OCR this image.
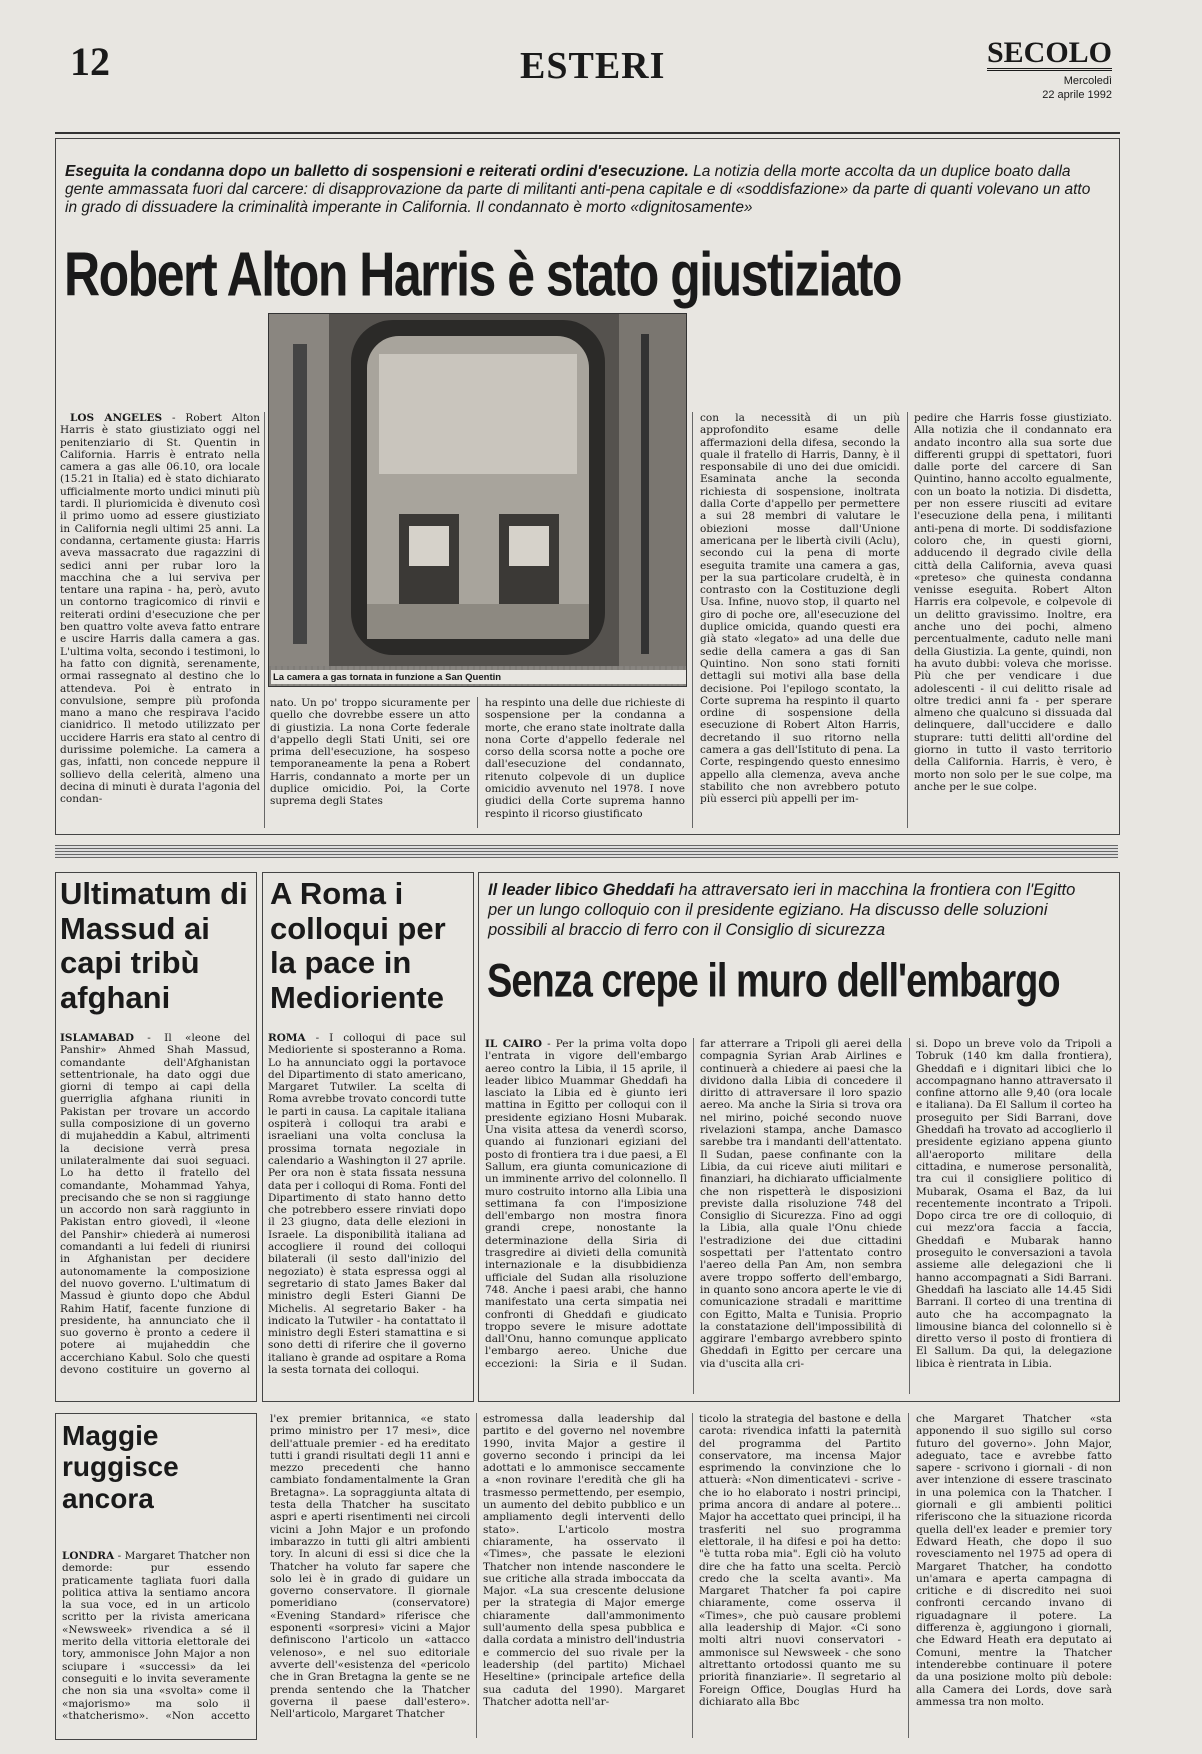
12	ESTERI	SECOLO
Mercoledì
22 aprile 1992
Eseguita la condanna dopo un balletto di sospensioni e reiterati ordini d'esecuzione. La notizia della morte accolta da un duplice boato dalla gente ammassata fuori dal carcere: di disapprovazione da parte di militanti anti-pena capitale e di «soddisfazione» da parte di quanti volevano un atto in grado di dissuadere la criminalità imperante in California. Il condannato è morto «dignitosamente»
Robert Alton Harris è stato giustiziato
La camera a gas tornata in funzione a San Quentin

LOS ANGELES - Robert Alton Harris è stato giustiziato oggi nel penitenziario di St. Quentin in California. Harris è entrato nella camera a gas alle 06.10, ora locale (15.21 in Italia) ed è stato dichiarato ufficialmente morto undici minuti più tardi. Il pluriomicida è divenuto così il primo uomo ad essere giustiziato in California negli ultimi 25 anni. La condanna, certamente giusta: Harris aveva massacrato due ragazzini di sedici anni per rubar loro la macchina che a lui serviva per tentare una rapina - ha, però, avuto un contorno tragicomico di rinvii e reiterati ordini d'esecuzione che per ben quattro volte aveva fatto entrare e uscire Harris dalla camera a gas. L'ultima volta, secondo i testimoni, lo ha fatto con dignità, serenamente, ormai rassegnato al destino che lo attendeva. Poi è entrato in convulsione, sempre più profonda mano a mano che respirava l'acido cianidrico. Il metodo utilizzato per uccidere Harris era stato al centro di durissime polemiche. La camera a gas, infatti, non concede neppure il sollievo della celerità, almeno una decina di minuti è durata l'agonia del condan-

nato. Un po' troppo sicuramente per quello che dovrebbe essere un atto di giustizia. La nona Corte federale d'appello degli Stati Uniti, sei ore prima dell'esecuzione, ha sospeso temporaneamente la pena a Robert Harris, condannato a morte per un duplice omicidio. Poi, la Corte suprema degli States

ha respinto una delle due richieste di sospensione per la condanna a morte, che erano state inoltrate dalla nona Corte d'appello federale nel corso della scorsa notte a poche ore dall'esecuzione del condannato, ritenuto colpevole di un duplice omicidio avvenuto nel 1978. I nove giudici della Corte suprema hanno respinto il ricorso giustificato

con la necessità di un più approfondito esame delle affermazioni della difesa, secondo la quale il fratello di Harris, Danny, è il responsabile di uno dei due omicidi. Esaminata anche la seconda richiesta di sospensione, inoltrata dalla Corte d'appello per permettere a sui 28 membri di valutare le obiezioni mosse dall'Unione americana per le libertà civili (Aclu), secondo cui la pena di morte eseguita tramite una camera a gas, per la sua particolare crudeltà, è in contrasto con la Costituzione degli Usa. Infine, nuovo stop, il quarto nel giro di poche ore, all'esecuzione del duplice omicida, quando questi era già stato «legato» ad una delle due sedie della camera a gas di San Quintino. Non sono stati forniti dettagli sui motivi alla base della decisione. Poi l'epilogo scontato, la Corte suprema ha respinto il quarto ordine di sospensione della esecuzione di Robert Alton Harris, decretando il suo ritorno nella camera a gas dell'Istituto di pena. La Corte, respingendo questo ennesimo appello alla clemenza, aveva anche stabilito che non avrebbero potuto più esserci più appelli per im-

pedire che Harris fosse giustiziato. Alla notizia che il condannato era andato incontro alla sua sorte due differenti gruppi di spettatori, fuori dalle porte del carcere di San Quintino, hanno accolto egualmente, con un boato la notizia. Di disdetta, per non essere riusciti ad evitare l'esecuzione della pena, i militanti anti-pena di morte. Di soddisfazione coloro che, in questi giorni, adducendo il degrado civile della città della California, aveva quasi «preteso» che quinesta condanna venisse eseguita. Robert Alton Harris era colpevole, e colpevole di un delitto gravissimo. Inoltre, era anche uno dei pochi, almeno percentualmente, caduto nelle mani della Giustizia. La gente, quindi, non ha avuto dubbi: voleva che morisse. Più che per vendicare i due adolescenti - il cui delitto risale ad oltre tredici anni fa - per sperare almeno che qualcuno si dissuada dal delinquere, dall'uccidere e dallo stuprare: tutti delitti all'ordine del giorno in tutto il vasto territorio della California. Harris, è vero, è morto non solo per le sue colpe, ma anche per le sue colpe.

Ultimatum di Massud ai capi tribù afghani

ISLAMABAD - Il «leone del Panshir» Ahmed Shah Massud, comandante dell'Afghanistan settentrionale, ha dato oggi due giorni di tempo ai capi della guerriglia afghana riuniti in Pakistan per trovare un accordo sulla composizione di un governo di mujaheddin a Kabul, altrimenti la decisione verrà presa unilateralmente dai suoi seguaci. Lo ha detto il fratello del comandante, Mohammad Yahya, precisando che se non si raggiunge un accordo non sarà raggiunto in Pakistan entro giovedì, il «leone del Panshir» chiederà ai numerosi comandanti a lui fedeli di riunirsi in Afghanistan per decidere autonomamente la composizione del nuovo governo. L'ultimatum di Massud è giunto dopo che Abdul Rahim Hatif, facente funzione di presidente, ha annunciato che il suo governo è pronto a cedere il potere ai mujaheddin che accerchiano Kabul. Solo che questi devono costituire un governo al

A Roma i colloqui per la pace in Medioriente

ROMA - I colloqui di pace sul Medioriente si sposteranno a Roma. Lo ha annunciato oggi la portavoce del Dipartimento di stato americano, Margaret Tutwiler. La scelta di Roma avrebbe trovato concordi tutte le parti in causa. La capitale italiana ospiterà i colloqui tra arabi e israeliani una volta conclusa la prossima tornata negoziale in calendario a Washington il 27 aprile. Per ora non è stata fissata nessuna data per i colloqui di Roma. Fonti del Dipartimento di stato hanno detto che potrebbero essere rinviati dopo il 23 giugno, data delle elezioni in Israele. La disponibilità italiana ad accogliere il round dei colloqui bilaterali (il sesto dall'inizio del negoziato) è stata espressa oggi al segretario di stato James Baker dal ministro degli Esteri Gianni De Michelis. Al segretario Baker - ha indicato la Tutwiler - ha contattato il ministro degli Esteri stamattina e si sono detti di riferire che il governo italiano è grande ad ospitare a Roma la sesta tornata dei colloqui.

Il leader libico Gheddafi ha attraversato ieri in macchina la frontiera con l'Egitto per un lungo colloquio con il presidente egiziano. Ha discusso delle soluzioni possibili al braccio di ferro con il Consiglio di sicurezza
Senza crepe il muro dell'embargo

IL CAIRO - Per la prima volta dopo l'entrata in vigore dell'embargo aereo contro la Libia, il 15 aprile, il leader libico Muammar Gheddafi ha lasciato la Libia ed è giunto ieri mattina in Egitto per colloqui con il presidente egiziano Hosni Mubarak. Una visita attesa da venerdì scorso, quando ai funzionari egiziani del posto di frontiera tra i due paesi, a El Sallum, era giunta comunicazione di un imminente arrivo del colonnello. Il muro costruito intorno alla Libia una settimana fa con l'imposizione dell'embargo non mostra finora grandi crepe, nonostante la determinazione della Siria di trasgredire ai divieti della comunità internazionale e la disubbidienza ufficiale del Sudan alla risoluzione 748. Anche i paesi arabi, che hanno manifestato una certa simpatia nei confronti di Gheddafi e giudicato troppo severe le misure adottate dall'Onu, hanno comunque applicato l'embargo aereo. Uniche due eccezioni: la Siria e il Sudan.

far atterrare a Tripoli gli aerei della compagnia Syrian Arab Airlines e continuerà a chiedere ai paesi che la dividono dalla Libia di concedere il diritto di attraversare il loro spazio aereo. Ma anche la Siria si trova ora nel mirino, poiché secondo nuove rivelazioni stampa, anche Damasco sarebbe tra i mandanti dell'attentato. Il Sudan, paese confinante con la Libia, da cui riceve aiuti militari e finanziari, ha dichiarato ufficialmente che non rispetterà le disposizioni previste dalla risoluzione 748 del Consiglio di Sicurezza. Fino ad oggi la Libia, alla quale l'Onu chiede l'estradizione dei due cittadini sospettati per l'attentato contro l'aereo della Pan Am, non sembra avere troppo sofferto dell'embargo, in quanto sono ancora aperte le vie di comunicazione stradali e marittime con Egitto, Malta e Tunisia. Proprio la constatazione dell'impossibilità di aggirare l'embargo avrebbero spinto Gheddafi in Egitto per cercare una via d'uscita alla cri-

si. Dopo un breve volo da Tripoli a Tobruk (140 km dalla frontiera), Gheddafi e i dignitari libici che lo accompagnano hanno attraversato il confine attorno alle 9,40 (ora locale e italiana). Da El Sallum il corteo ha proseguito per Sidi Barrani, dove Gheddafi ha trovato ad accoglierlo il presidente egiziano appena giunto all'aeroporto militare della cittadina, e numerose personalità, tra cui il consigliere politico di Mubarak, Osama el Baz, da lui recentemente incontrato a Tripoli. Dopo circa tre ore di colloquio, di cui mezz'ora faccia a faccia, Gheddafi e Mubarak hanno proseguito le conversazioni a tavola assieme alle delegazioni che li hanno accompagnati a Sidi Barrani. Gheddafi ha lasciato alle 14.45 Sidi Barrani. Il corteo di una trentina di auto che ha accompagnato la limousine bianca del colonnello si è diretto verso il posto di frontiera di El Sallum. Da qui, la delegazione libica è rientrata in Libia.

Maggie ruggisce ancora

LONDRA - Margaret Thatcher non demorde: pur essendo praticamente tagliata fuori dalla politica attiva la sentiamo ancora la sua voce, ed in un articolo scritto per la rivista americana «Newsweek» rivendica a sé il merito della vittoria elettorale dei tory, ammonisce John Major a non sciupare i «successi» da lei conseguiti e lo invita severamente che non sia una «svolta» come il «majorismo» ma solo il «thatcherismo». «Non accetto

l'ex premier britannica, «e stato primo ministro per 17 mesi», dice dell'attuale premier - ed ha ereditato tutti i grandi risultati degli 11 anni e mezzo precedenti che hanno cambiato fondamentalmente la Gran Bretagna». La sopraggiunta altata di testa della Thatcher ha suscitato aspri e aperti risentimenti nei circoli vicini a John Major e un profondo imbarazzo in tutti gli altri ambienti tory. In alcuni di essi si dice che la Thatcher ha voluto far sapere che solo lei è in grado di guidare un governo conservatore. Il giornale pomeridiano (conservatore) «Evening Standard» riferisce che esponenti «sorpresi» vicini a Major definiscono l'articolo un «attacco velenoso», e nel suo editoriale avverte dell'«esistenza del «pericolo che in Gran Bretagna la gente se ne prenda sentendo che la Thatcher governa il paese dall'estero». Nell'articolo, Margaret Thatcher

estromessa dalla leadership dal partito e del governo nel novembre 1990, invita Major a gestire il governo secondo i principi da lei adottati e lo ammonisce seccamente a «non rovinare l'eredità che gli ha trasmesso permettendo, per esempio, un aumento del debito pubblico e un ampliamento degli interventi dello stato». L'articolo mostra chiaramente, ha osservato il «Times», che passate le elezioni Thatcher non intende nascondere le sue critiche alla strada imboccata da Major. «La sua crescente delusione per la strategia di Major emerge chiaramente dall'ammonimento sull'aumento della spesa pubblica e dalla cordata a ministro dell'industria e commercio del suo rivale per la leadership (del partito) Michael Heseltine» (principale artefice della sua caduta del 1990). Margaret Thatcher adotta nell'ar-

ticolo la strategia del bastone e della carota: rivendica infatti la paternità del programma del Partito conservatore, ma incensa Major esprimendo la convinzione che lo attuerà: «Non dimenticatevi - scrive - che io ho elaborato i nostri principi, prima ancora di andare al potere... Major ha accettato quei principi, il ha trasferiti nel suo programma elettorale, il ha difesi e poi ha detto: "è tutta roba mia". Egli ciò ha voluto dire che ha fatto una scelta. Perciò credo che la scelta avanti». Ma Margaret Thatcher fa poi capire chiaramente, come osserva il «Times», che può causare problemi alla leadership di Major. «Ci sono molti altri nuovi conservatori - ammonisce sul Newsweek - che sono altrettanto ortodossi quanto me su priorità finanziarie». Il segretario al Foreign Office, Douglas Hurd ha dichiarato alla Bbc

che Margaret Thatcher «sta apponendo il suo sigillo sul corso futuro del governo». John Major, adeguato, tace e avrebbe fatto sapere - scrivono i giornali - di non aver intenzione di essere trascinato in una polemica con la Thatcher. I giornali e gli ambienti politici riferiscono che la situazione ricorda quella dell'ex leader e premier tory Edward Heath, che dopo il suo rovesciamento nel 1975 ad opera di Margaret Thatcher, ha condotto un'amara e aperta campagna di critiche e di discredito nei suoi confronti cercando invano di riguadagnare il potere. La differenza è, aggiungono i giornali, che Edward Heath era deputato ai Comuni, mentre la Thatcher intenderebbe continuare il potere da una posizione molto più debole: alla Camera dei Lords, dove sarà ammessa tra non molto.
